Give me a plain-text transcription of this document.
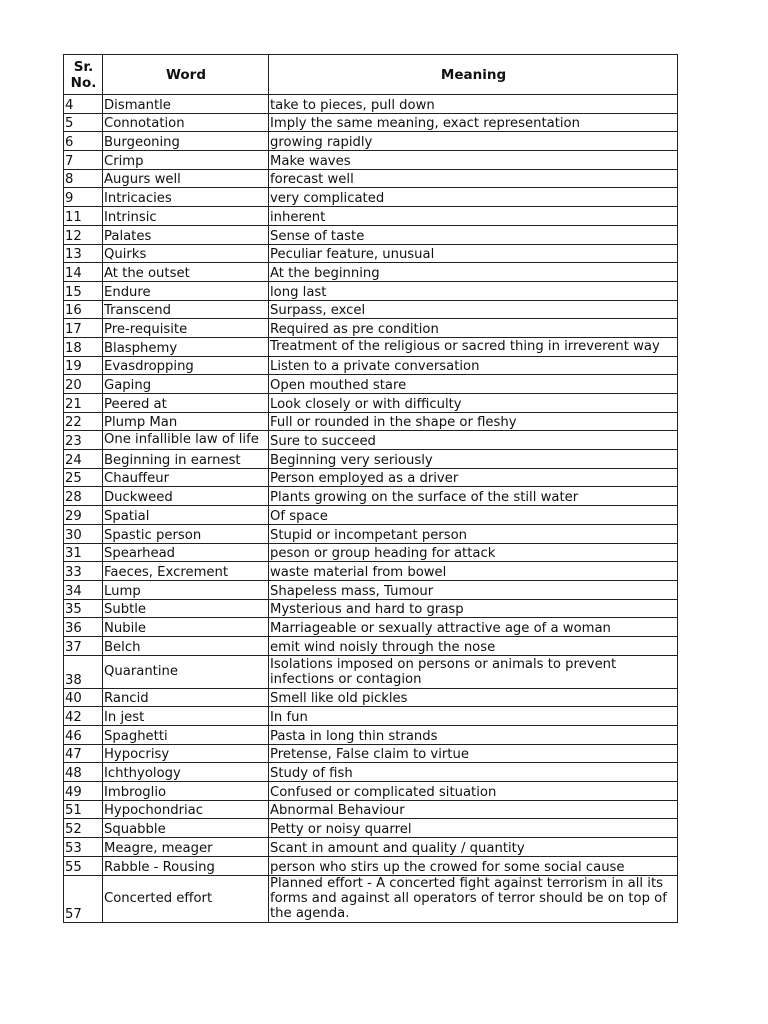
Sr. No.	Word	Meaning
4	Dismantle	take to pieces, pull down
5	Connotation	Imply the same meaning, exact representation
6	Burgeoning	growing rapidly
7	Crimp	Make waves
8	Augurs well	forecast well
9	Intricacies	very complicated
11	Intrinsic	inherent
12	Palates	Sense of taste
13	Quirks	Peculiar feature, unusual
14	At the outset	At the beginning
15	Endure	long last
16	Transcend	Surpass, excel
17	Pre-requisite	Required as pre condition
18	Blasphemy	Treatment of the religious or sacred thing in irreverent way
19	Evasdropping	Listen to a private conversation
20	Gaping	Open mouthed stare
21	Peered at	Look closely or with difficulty
22	Plump Man	Full or rounded in the shape or fleshy
23	One infallible law of life	Sure to succeed
24	Beginning in earnest	Beginning very seriously
25	Chauffeur	Person employed as a driver
28	Duckweed	Plants growing on the surface of the still water
29	Spatial	Of space
30	Spastic person	Stupid or incompetant person
31	Spearhead	peson or group heading for attack
33	Faeces, Excrement	waste material from bowel
34	Lump	Shapeless mass, Tumour
35	Subtle	Mysterious and hard to grasp
36	Nubile	Marriageable or sexually attractive age of a woman
37	Belch	emit wind noisly through the nose
38	Quarantine	Isolations imposed on persons or animals to prevent infections or contagion
40	Rancid	Smell like old pickles
42	In jest	In fun
46	Spaghetti	Pasta in long thin strands
47	Hypocrisy	Pretense, False claim to virtue
48	Ichthyology	Study of fish
49	Imbroglio	Confused or complicated situation
51	Hypochondriac	Abnormal Behaviour
52	Squabble	Petty or noisy quarrel
53	Meagre, meager	Scant in amount and quality / quantity
55	Rabble - Rousing	person who stirs up the crowed for some social cause
57	Concerted effort	Planned effort - A concerted fight against terrorism in all its forms and against all operators of terror should be on top of the agenda.
